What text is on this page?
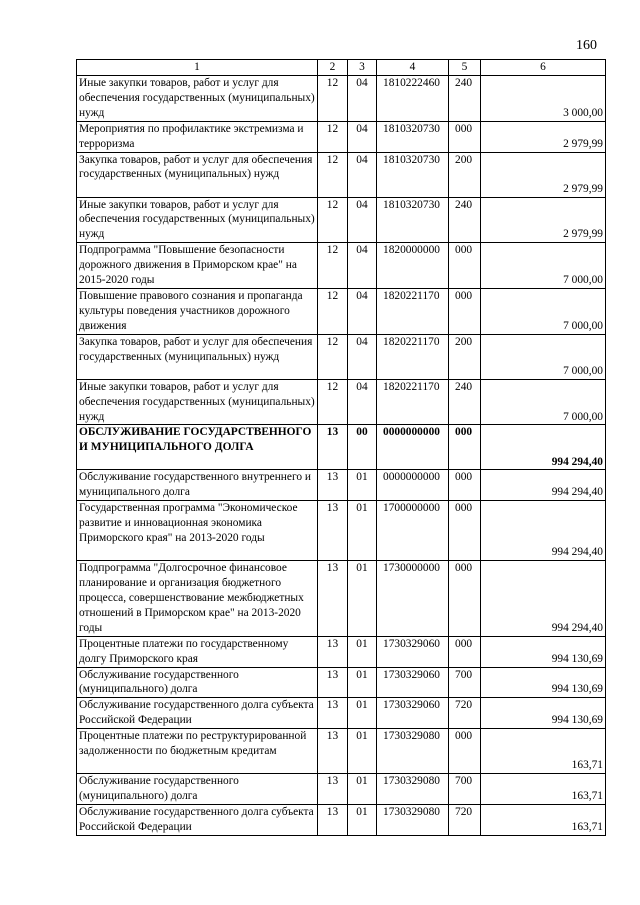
160
1	2	3	4	5	6
Иные закупки товаров, работ и услуг для обеспечения государственных (муниципальных) нужд	12	04	1810222460	240	3 000,00
Мероприятия по профилактике экстремизма и терроризма	12	04	1810320730	000	2 979,99
Закупка товаров, работ и услуг для обеспечения государственных (муниципальных) нужд	12	04	1810320730	200	2 979,99
Иные закупки товаров, работ и услуг для обеспечения государственных (муниципальных) нужд	12	04	1810320730	240	2 979,99
Подпрограмма "Повышение безопасности дорожного движения в Приморском крае" на 2015-2020 годы	12	04	1820000000	000	7 000,00
Повышение правового сознания и пропаганда культуры поведения участников дорожного движения	12	04	1820221170	000	7 000,00
Закупка товаров, работ и услуг для обеспечения государственных (муниципальных) нужд	12	04	1820221170	200	7 000,00
Иные закупки товаров, работ и услуг для обеспечения государственных (муниципальных) нужд	12	04	1820221170	240	7 000,00
ОБСЛУЖИВАНИЕ ГОСУДАРСТВЕННОГО И МУНИЦИПАЛЬНОГО ДОЛГА	13	00	0000000000	000	994 294,40
Обслуживание государственного внутреннего и муниципального долга	13	01	0000000000	000	994 294,40
Государственная программа "Экономическое развитие и инновационная экономика Приморского края" на 2013-2020 годы	13	01	1700000000	000	994 294,40
Подпрограмма "Долгосрочное финансовое планирование и организация бюджетного процесса, совершенствование межбюджетных отношений в Приморском крае" на 2013-2020 годы	13	01	1730000000	000	994 294,40
Процентные платежи по государственному долгу Приморского края	13	01	1730329060	000	994 130,69
Обслуживание государственного (муниципального) долга	13	01	1730329060	700	994 130,69
Обслуживание государственного долга субъекта Российской Федерации	13	01	1730329060	720	994 130,69
Процентные платежи по реструктурированной задолженности по бюджетным кредитам	13	01	1730329080	000	163,71
Обслуживание государственного (муниципального) долга	13	01	1730329080	700	163,71
Обслуживание государственного долга субъекта Российской Федерации	13	01	1730329080	720	163,71
